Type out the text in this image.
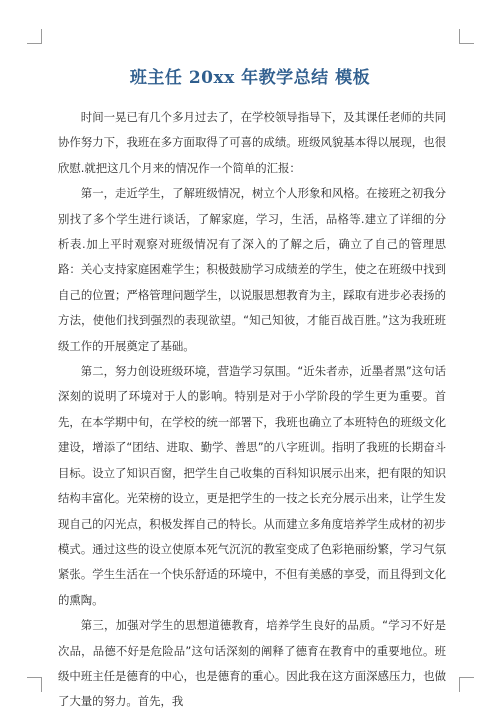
班主任 20xx 年教学总结 模板

时间一晃已有几个多月过去了，在学校领导指导下，及其课任老师的共同协作努力下，我班在多方面取得了可喜的成绩。班级风貌基本得以展现，也很欣慰.就把这几个月来的情况作一个简单的汇报：

第一，走近学生，了解班级情况，树立个人形象和风格。在接班之初我分别找了多个学生进行谈话，了解家庭，学习，生活，品格等.建立了详细的分析表.加上平时观察对班级情况有了深入的了解之后，确立了自己的管理思路：关心支持家庭困难学生；积极鼓励学习成绩差的学生，使之在班级中找到自己的位置；严格管理问题学生，以说服思想教育为主，踩取有进步必表扬的方法，使他们找到强烈的表现欲望。“知己知彼，才能百战百胜。”这为我班班级工作的开展奠定了基础。

第二，努力创设班级环境，营造学习氛围。“近朱者赤，近墨者黑”这句话深刻的说明了环境对于人的影响。特别是对于小学阶段的学生更为重要。首先，在本学期中旬，在学校的统一部署下，我班也确立了本班特色的班级文化建设，增添了“团结、进取、勤学、善思”的八字班训。指明了我班的长期奋斗目标。设立了知识百窗，把学生自己收集的百科知识展示出来，把有限的知识结构丰富化。光荣榜的设立，更是把学生的一技之长充分展示出来，让学生发现自己的闪光点，积极发挥自己的特长。从而建立多角度培养学生成材的初步模式。通过这些的设立使原本死气沉沉的教室变成了色彩艳丽纷繁，学习气氛紧张。学生生活在一个快乐舒适的环境中，不但有美感的享受，而且得到文化的熏陶。

第三，加强对学生的思想道德教育，培养学生良好的品质。“学习不好是次品，品德不好是危险品”这句话深刻的阐释了德育在教育中的重要地位。班级中班主任是德育的中心，也是德育的重心。因此我在这方面深感压力，也做了大量的努力。首先，我
